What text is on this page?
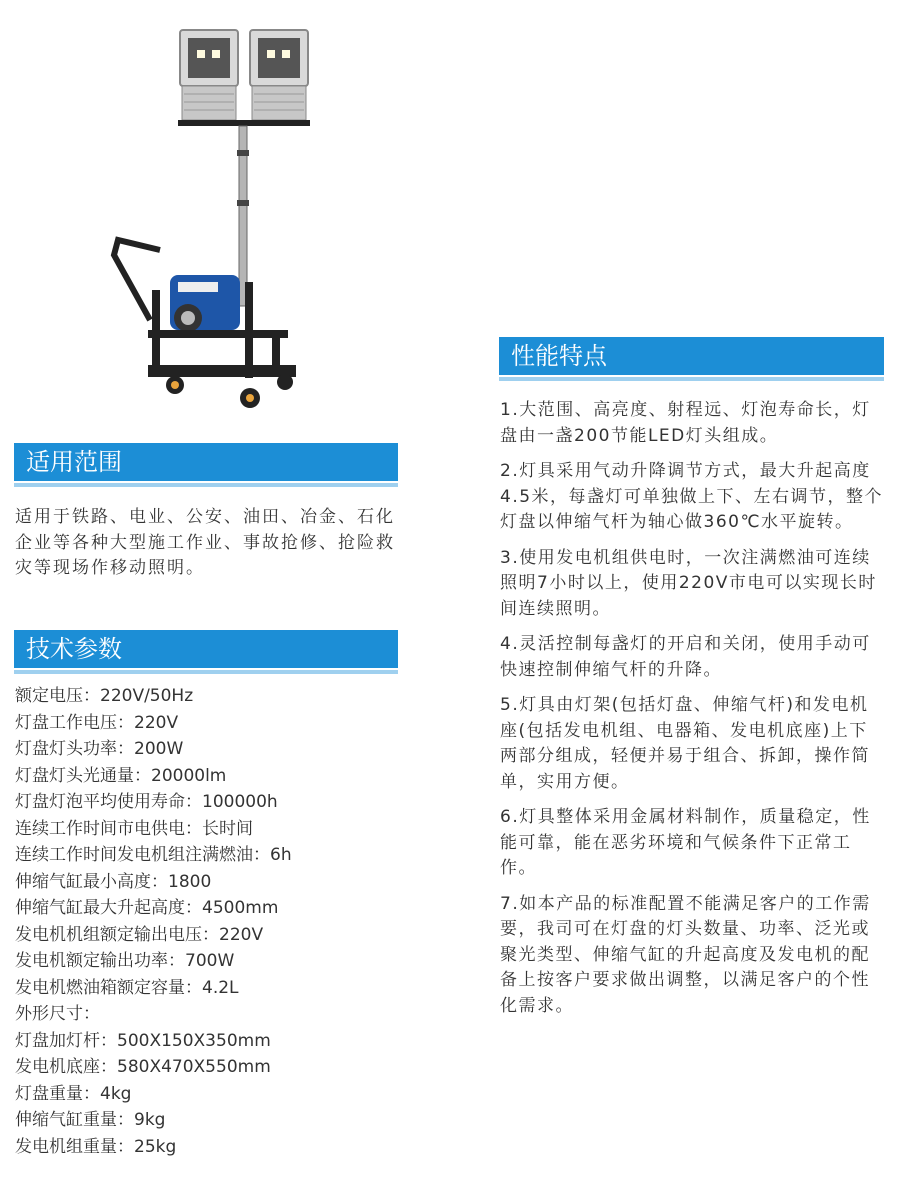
适用范围
适用于铁路、电业、公安、油田、冶金、石化企业等各种大型施工作业、事故抢修、抢险救灾等现场作移动照明。
技术参数
额定电压：220V/50Hz
灯盘工作电压：220V
灯盘灯头功率：200W
灯盘灯头光通量：20000lm
灯盘灯泡平均使用寿命：100000h
连续工作时间市电供电：长时间
连续工作时间发电机组注满燃油：6h
伸缩气缸最小高度：1800
伸缩气缸最大升起高度：4500mm
发电机机组额定输出电压：220V
发电机额定输出功率：700W
发电机燃油箱额定容量：4.2L
外形尺寸：
灯盘加灯杆：500X150X350mm
发电机底座：580X470X550mm
灯盘重量：4kg
伸缩气缸重量：9kg
发电机组重量：25kg
性能特点
1.大范围、高亮度、射程远、灯泡寿命长，灯盘由一盏200节能LED灯头组成。
2.灯具采用气动升降调节方式，最大升起高度4.5米，每盏灯可单独做上下、左右调节，整个灯盘以伸缩气杆为轴心做360℃水平旋转。
3.使用发电机组供电时，一次注满燃油可连续照明7小时以上，使用220V市电可以实现长时间连续照明。
4.灵活控制每盏灯的开启和关闭，使用手动可快速控制伸缩气杆的升降。
5.灯具由灯架(包括灯盘、伸缩气杆)和发电机座(包括发电机组、电器箱、发电机底座)上下两部分组成，轻便并易于组合、拆卸，操作简单，实用方便。
6.灯具整体采用金属材料制作，质量稳定，性能可靠，能在恶劣环境和气候条件下正常工作。
7.如本产品的标准配置不能满足客户的工作需要，我司可在灯盘的灯头数量、功率、泛光或聚光类型、伸缩气缸的升起高度及发电机的配备上按客户要求做出调整，以满足客户的个性化需求。
